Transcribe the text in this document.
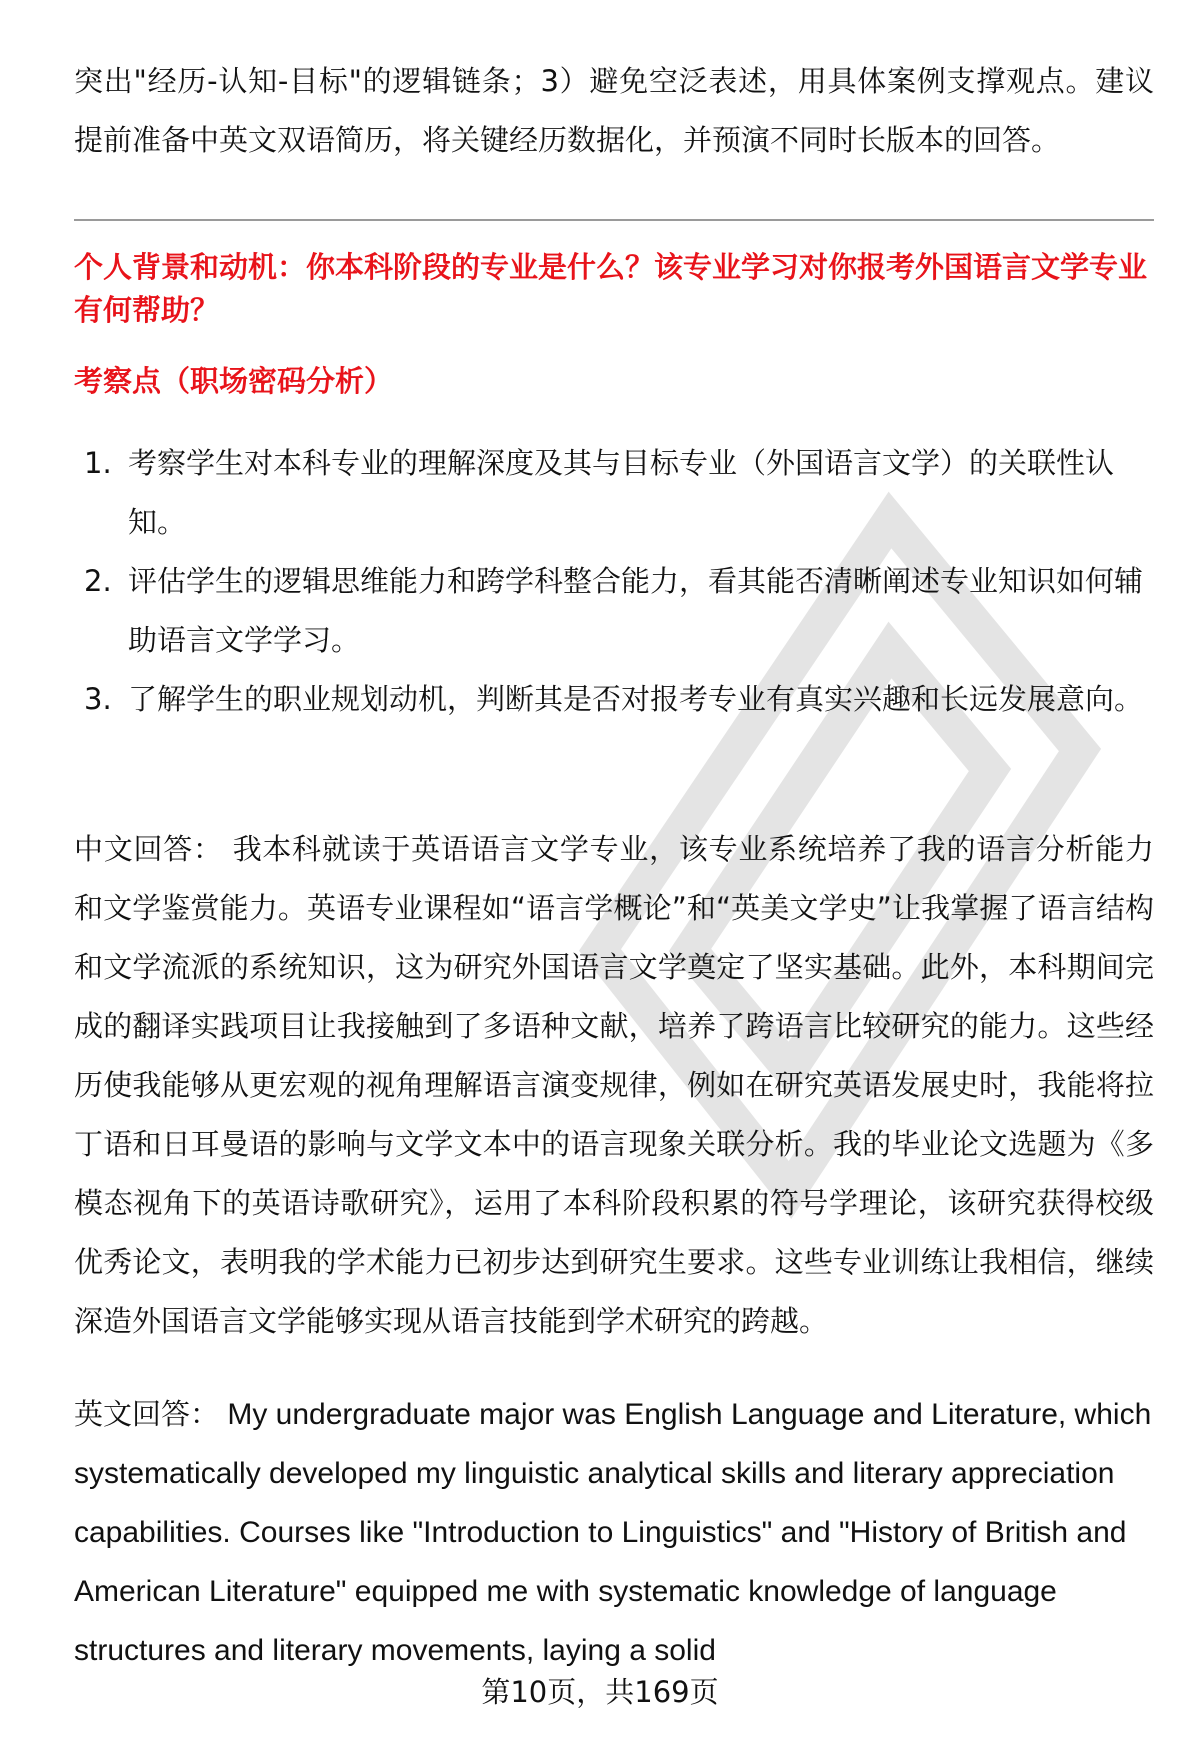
突出"经历-认知-目标"的逻辑链条；3）避免空泛表述，用具体案例支撑观点。建议提前准备中英文双语简历，将关键经历数据化，并预演不同时长版本的回答。

个人背景和动机：你本科阶段的专业是什么？该专业学习对你报考外国语言文学专业有何帮助？
考察点（职场密码分析）
1. 考察学生对本科专业的理解深度及其与目标专业（外国语言文学）的关联性认知。
2. 评估学生的逻辑思维能力和跨学科整合能力，看其能否清晰阐述专业知识如何辅助语言文学学习。
3. 了解学生的职业规划动机，判断其是否对报考专业有真实兴趣和长远发展意向。

中文回答： 我本科就读于英语语言文学专业，该专业系统培养了我的语言分析能力和文学鉴赏能力。英语专业课程如“语言学概论”和“英美文学史”让我掌握了语言结构和文学流派的系统知识，这为研究外国语言文学奠定了坚实基础。此外，本科期间完成的翻译实践项目让我接触到了多语种文献，培养了跨语言比较研究的能力。这些经历使我能够从更宏观的视角理解语言演变规律，例如在研究英语发展史时，我能将拉丁语和日耳曼语的影响与文学文本中的语言现象关联分析。我的毕业论文选题为《多模态视角下的英语诗歌研究》，运用了本科阶段积累的符号学理论，该研究获得校级优秀论文，表明我的学术能力已初步达到研究生要求。这些专业训练让我相信，继续深造外国语言文学能够实现从语言技能到学术研究的跨越。

英文回答： My undergraduate major was English Language and Literature, which systematically developed my linguistic analytical skills and literary appreciation capabilities. Courses like "Introduction to Linguistics" and "History of British and American Literature" equipped me with systematic knowledge of language structures and literary movements, laying a solid

第10页，共169页
